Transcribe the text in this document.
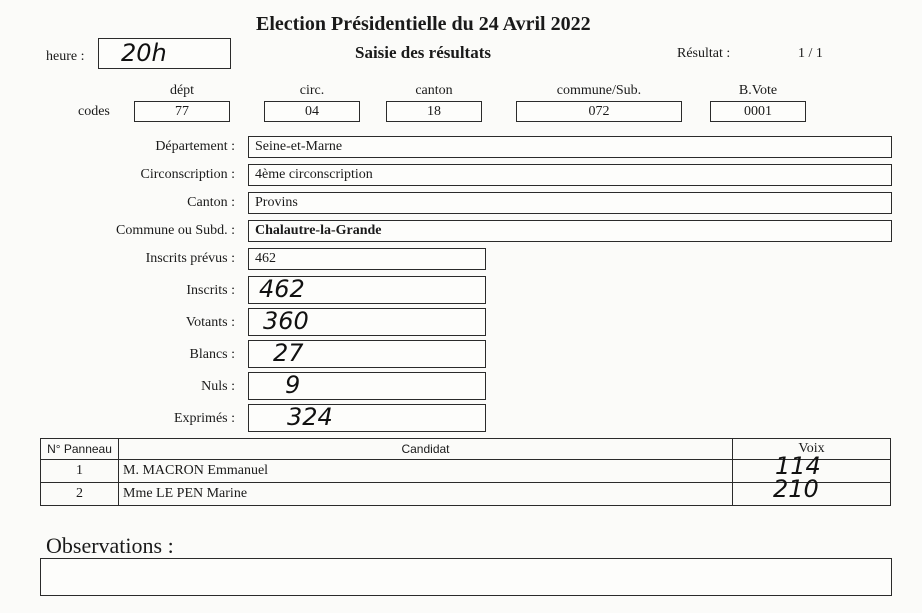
Election Présidentielle du 24 Avril 2022
Saisie des résultats
heure : 20h	Résultat :	1 / 1
dépt	circ.	canton	commune/Sub.	B.Vote
codes	77	04	18	072	0001
Département :	Seine-et-Marne
Circonscription :	4ème circonscription
Canton :	Provins
Commune ou Subd. :	Chalautre-la-Grande
Inscrits prévus :	462
Inscrits : 462
Votants : 360
Blancs : 27
Nuls : 9
Exprimés : 324
N° Panneau	Candidat	Voix
1	M. MACRON Emmanuel	114

2	Mme LE PEN Marine	210
Observations :
